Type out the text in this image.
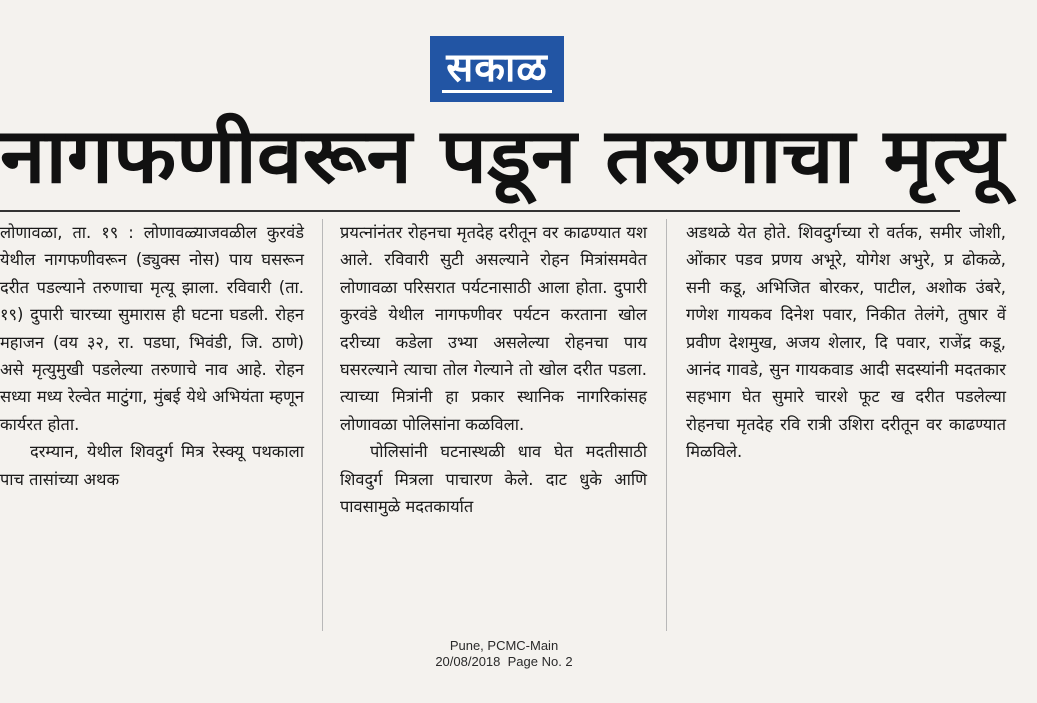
सकाळ
नागफणीवरून पडून तरुणाचा मृत्यू

लोणावळा, ता. १९ : लोणावळ्याजवळील कुरवंडे येथील नागफणीवरून (ड्युक्स नोस) पाय घसरून दरीत पडल्याने तरुणाचा मृत्यू झाला. रविवारी (ता. १९) दुपारी चारच्या सुमारास ही घटना घडली. रोहन महाजन (वय ३२, रा. पडघा, भिवंडी, जि. ठाणे) असे मृत्युमुखी पडलेल्या तरुणाचे नाव आहे. रोहन सध्या मध्य रेल्वेत माटुंगा, मुंबई येथे अभियंता म्हणून कार्यरत होता.

दरम्यान, येथील शिवदुर्ग मित्र रेस्क्यू पथकाला पाच तासांच्या अथक

प्रयत्नांनंतर रोहनचा मृतदेह दरीतून वर काढण्यात यश आले. रविवारी सुटी असल्याने रोहन मित्रांसमवेत लोणावळा परिसरात पर्यटनासाठी आला होता. दुपारी कुरवंडे येथील नागफणीवर पर्यटन करताना खोल दरीच्या कडेला उभ्या असलेल्या रोहनचा पाय घसरल्याने त्याचा तोल गेल्याने तो खोल दरीत पडला. त्याच्या मित्रांनी हा प्रकार स्थानिक नागरिकांसह लोणावळा पोलिसांना कळविला.

पोलिसांनी घटनास्थळी धाव घेत मदतीसाठी शिवदुर्ग मित्रला पाचारण केले. दाट धुके आणि पावसामुळे मदतकार्यात

अडथळे येत होते. शिवदुर्गच्या रो वर्तक, समीर जोशी, ओंकार पडव प्रणय अभूरे, योगेश अभुरे, प्र ढोकळे, सनी कडू, अभिजित बोरकर, पाटील, अशोक उंबरे, गणेश गायकव दिनेश पवार, निकीत तेलंगे, तुषार वें प्रवीण देशमुख, अजय शेलार, दि पवार, राजेंद्र कडू, आनंद गावडे, सुन गायकवाड आदी सदस्यांनी मदतकार सहभाग घेत सुमारे चारशे फूट ख दरीत पडलेल्या रोहनचा मृतदेह रवि रात्री उशिरा दरीतून वर काढण्यात मिळविले.

Pune, PCMC-Main
20/08/2018  Page No. 2
